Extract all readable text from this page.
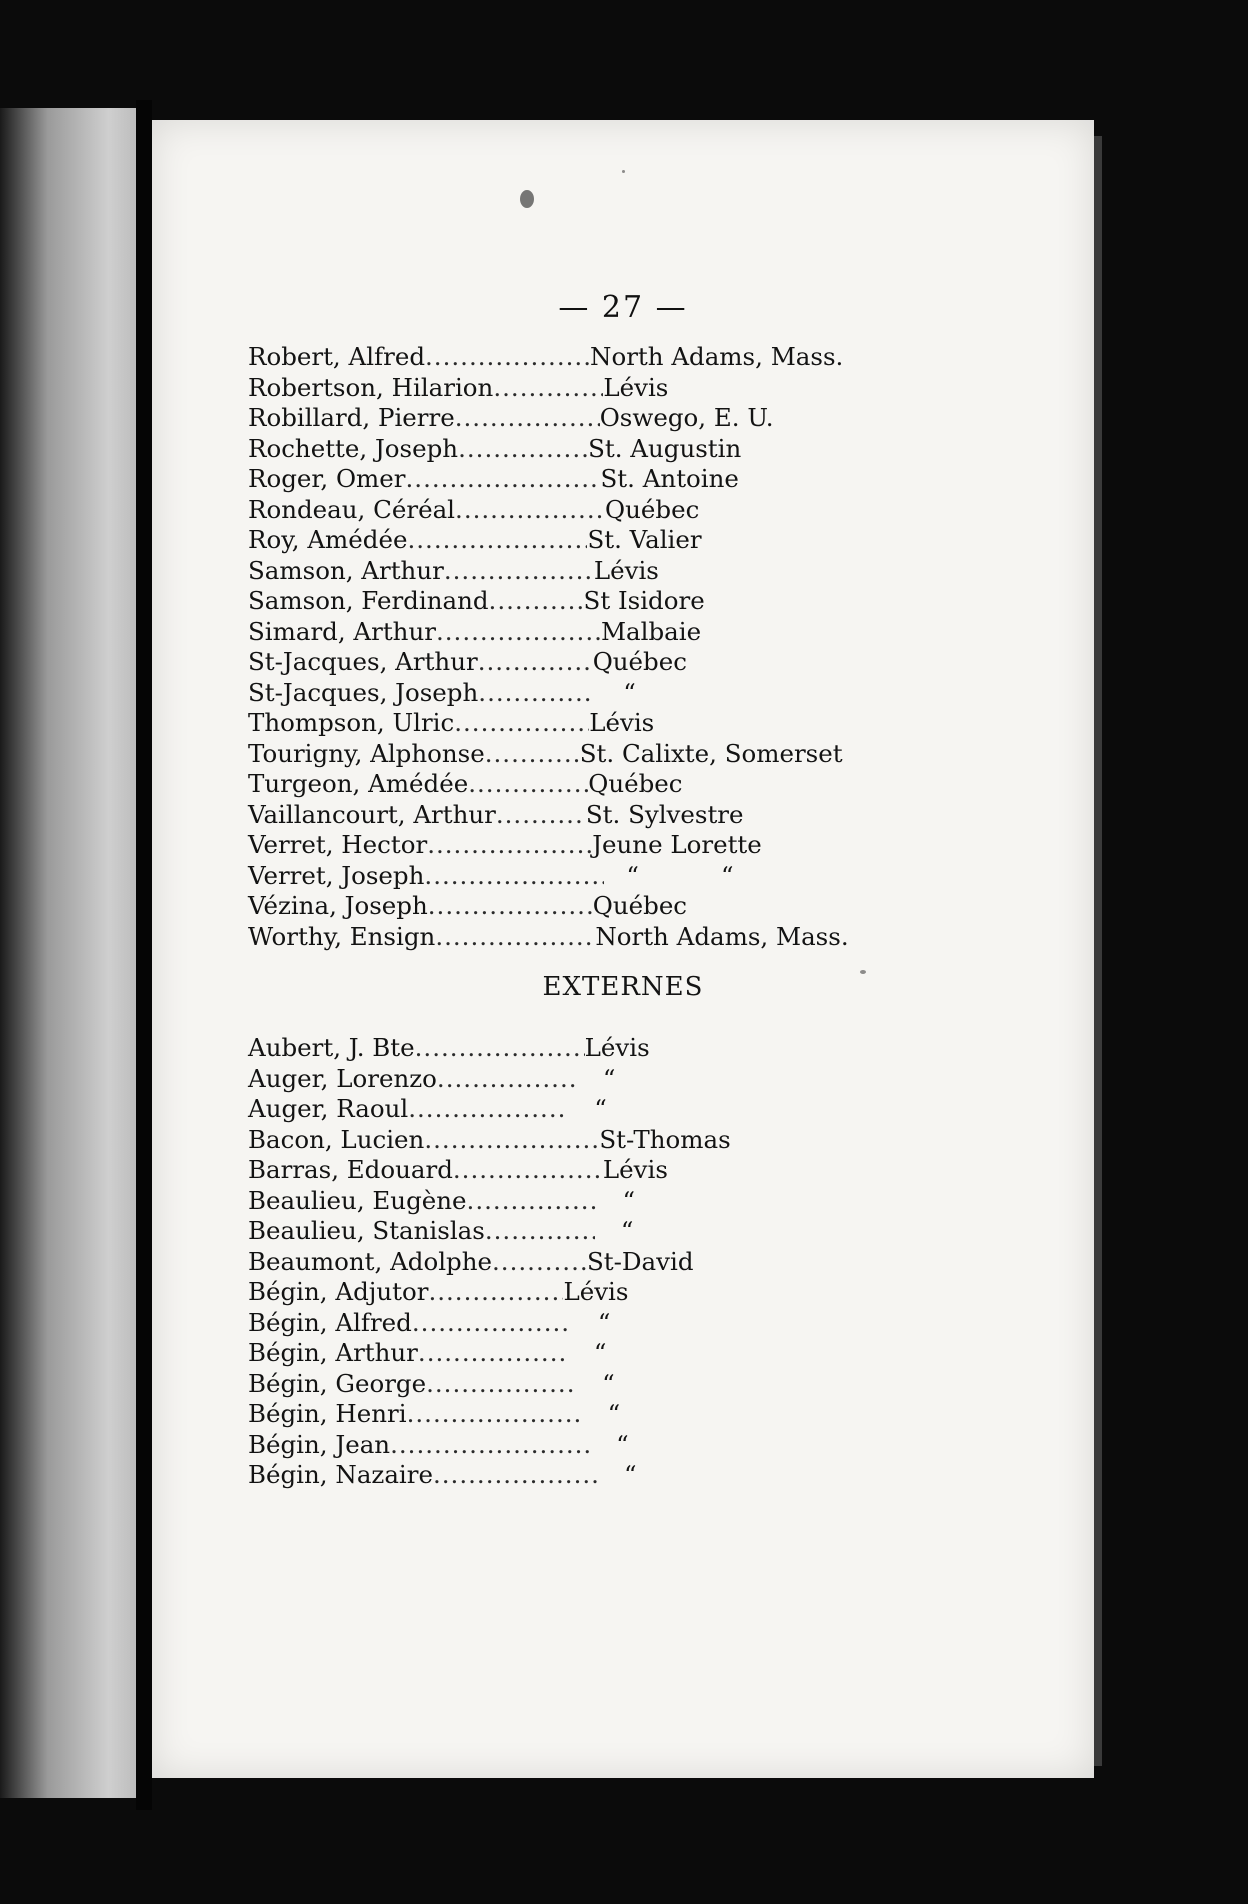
— 27 —
Robert, Alfred .....	North Adams, Mass.
Robertson, Hilarion .....	Lévis
Robillard, Pierre .....	Oswego, E. U.
Rochette, Joseph .....	St. Augustin
Roger, Omer .....	St. Antoine
Rondeau, Céréal .....	Québec
Roy, Amédée .....	St. Valier
Samson, Arthur .....	Lévis
Samson, Ferdinand .....	St Isidore
Simard, Arthur .....	Malbaie
St-Jacques, Arthur .....	Québec
St-Jacques, Joseph .....	“
Thompson, Ulric .....	Lévis
Tourigny, Alphonse .....	St. Calixte, Somerset
Turgeon, Amédée .....	Québec
Vaillancourt, Arthur .....	St. Sylvestre
Verret, Hector .....	Jeune Lorette
Verret, Joseph .....	“	“
Vézina, Joseph .....	Québec
Worthy, Ensign .....	North Adams, Mass.
EXTERNES
Aubert, J. Bte .....	Lévis
Auger, Lorenzo .....	“
Auger, Raoul .....	“
Bacon, Lucien .....	St-Thomas
Barras, Edouard .....	Lévis
Beaulieu, Eugène .....	“
Beaulieu, Stanislas .....	“
Beaumont, Adolphe .....	St-David
Bégin, Adjutor .....	Lévis
Bégin, Alfred .....	“
Bégin, Arthur .....	“
Bégin, George .....	“
Bégin, Henri .....	“
Bégin, Jean .....	“
Bégin, Nazaire .....	“
